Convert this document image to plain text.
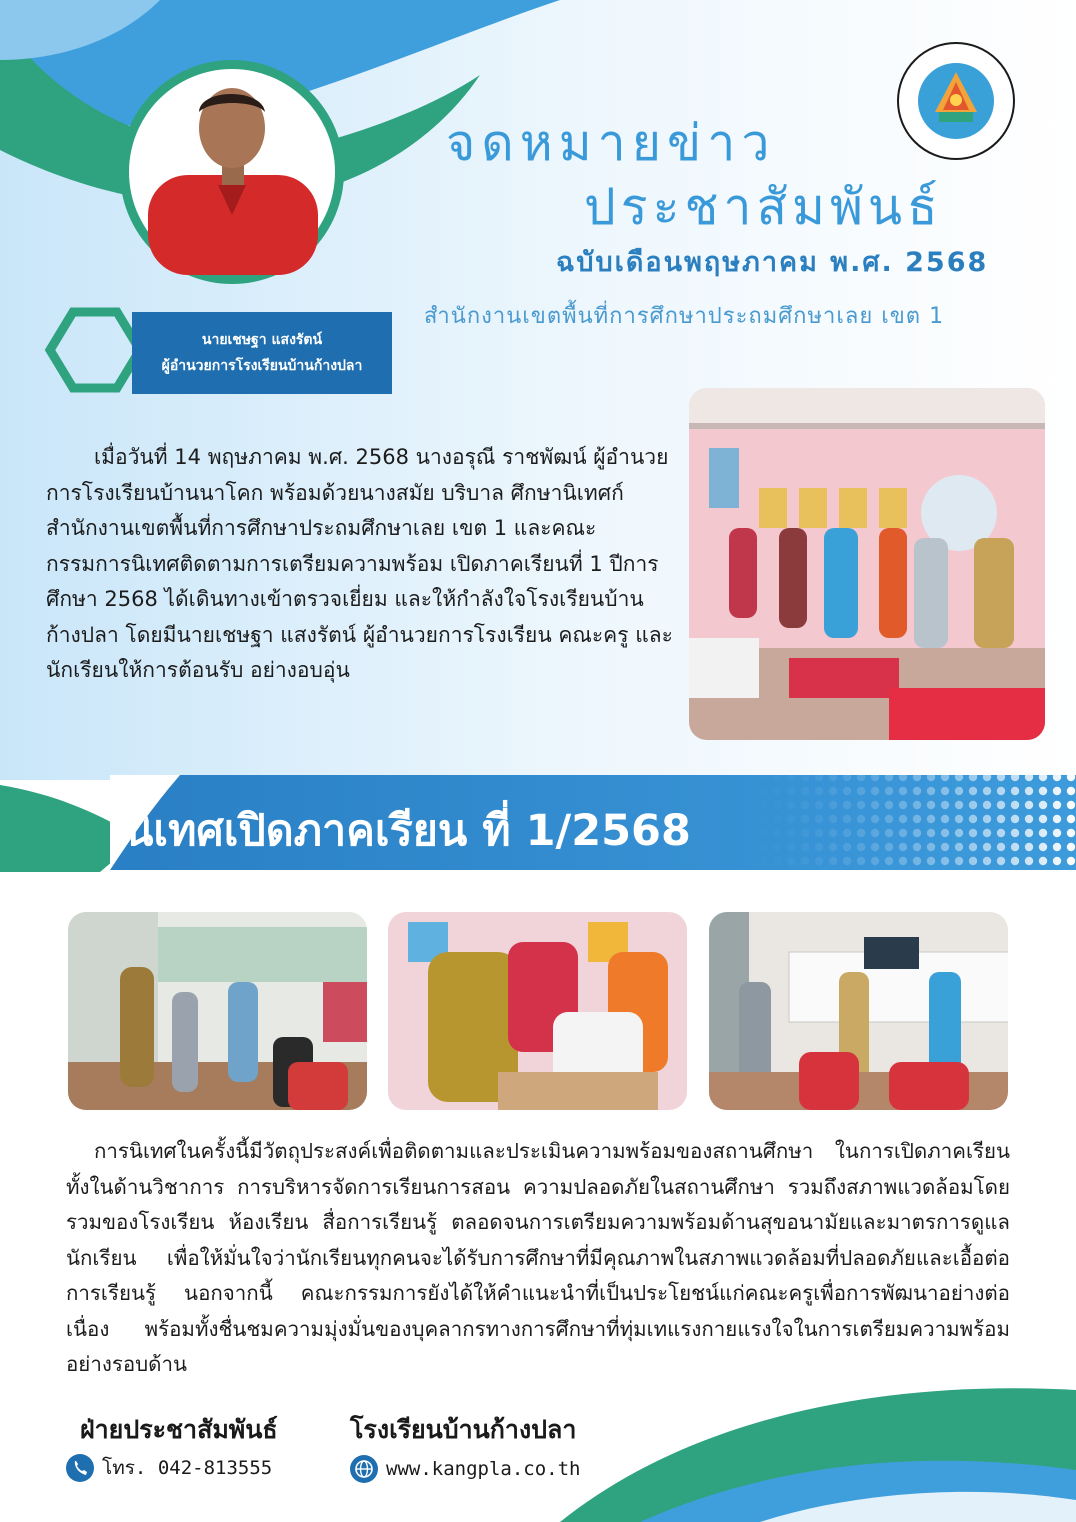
จดหมายข่าว
ประชาสัมพันธ์
ฉบับเดือนพฤษภาคม พ.ศ. 2568
สำนักงานเขตพื้นที่การศึกษาประถมศึกษาเลย เขต 1
นายเชษฐา แสงรัตน์
ผู้อำนวยการโรงเรียนบ้านก้างปลา
เมื่อวันที่ 14 พฤษภาคม พ.ศ. 2568 นางอรุณี ราชพัฒน์ ผู้อำนวยการโรงเรียนบ้านนาโคก พร้อมด้วยนางสมัย บริบาล ศึกษานิเทศก์ สำนักงานเขตพื้นที่การศึกษาประถมศึกษาเลย เขต 1 และคณะกรรมการนิเทศติดตามการเตรียมความพร้อม เปิดภาคเรียนที่ 1 ปีการศึกษา 2568 ได้เดินทางเข้าตรวจเยี่ยม และให้กำลังใจโรงเรียนบ้านก้างปลา โดยมีนายเชษฐา แสงรัตน์ ผู้อำนวยการโรงเรียน คณะครู และนักเรียนให้การต้อนรับ อย่างอบอุ่น
นิเทศเปิดภาคเรียน ที่ 1/2568
การนิเทศในครั้งนี้มีวัตถุประสงค์เพื่อติดตามและประเมินความพร้อมของสถานศึกษา ในการเปิดภาคเรียน ทั้งในด้านวิชาการ การบริหารจัดการเรียนการสอน ความปลอดภัยในสถานศึกษา รวมถึงสภาพแวดล้อมโดยรวมของโรงเรียน ห้องเรียน สื่อการเรียนรู้ ตลอดจนการเตรียมความพร้อมด้านสุขอนามัยและมาตรการดูแลนักเรียน เพื่อให้มั่นใจว่านักเรียนทุกคนจะได้รับการศึกษาที่มีคุณภาพในสภาพแวดล้อมที่ปลอดภัยและเอื้อต่อการเรียนรู้ นอกจากนี้ คณะกรรมการยังได้ให้คำแนะนำที่เป็นประโยชน์แก่คณะครูเพื่อการพัฒนาอย่างต่อเนื่อง พร้อมทั้งชื่นชมความมุ่งมั่นของบุคลากรทางการศึกษาที่ทุ่มเทแรงกายแรงใจในการเตรียมความพร้อมอย่างรอบด้าน
ฝ่ายประชาสัมพันธ์
โทร. 042-813555
โรงเรียนบ้านก้างปลา
www.kangpla.co.th
